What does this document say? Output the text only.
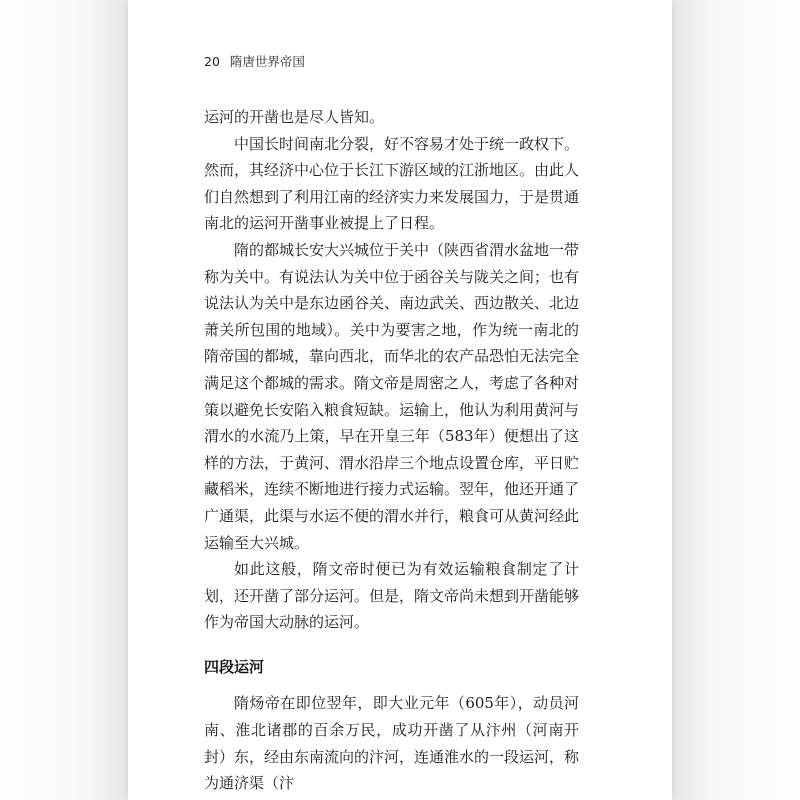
20 隋唐世界帝国

运河的开凿也是尽人皆知。

中国长时间南北分裂，好不容易才处于统一政权下。然而，其经济中心位于长江下游区域的江浙地区。由此人们自然想到了利用江南的经济实力来发展国力，于是贯通南北的运河开凿事业被提上了日程。

隋的都城长安大兴城位于关中（陕西省渭水盆地一带称为关中。有说法认为关中位于函谷关与陇关之间；也有说法认为关中是东边函谷关、南边武关、西边散关、北边萧关所包围的地域）。关中为要害之地，作为统一南北的隋帝国的都城，靠向西北，而华北的农产品恐怕无法完全满足这个都城的需求。隋文帝是周密之人，考虑了各种对策以避免长安陷入粮食短缺。运输上，他认为利用黄河与渭水的水流乃上策，早在开皇三年（583年）便想出了这样的方法，于黄河、渭水沿岸三个地点设置仓库，平日贮藏稻米，连续不断地进行接力式运输。翌年，他还开通了广通渠，此渠与水运不便的渭水并行，粮食可从黄河经此运输至大兴城。

如此这般，隋文帝时便已为有效运输粮食制定了计划，还开凿了部分运河。但是，隋文帝尚未想到开凿能够作为帝国大动脉的运河。

四段运河

隋炀帝在即位翌年，即大业元年（605年），动员河南、淮北诸郡的百余万民，成功开凿了从汴州（河南开封）东，经由东南流向的汴河，连通淮水的一段运河，称为通济渠（汴
